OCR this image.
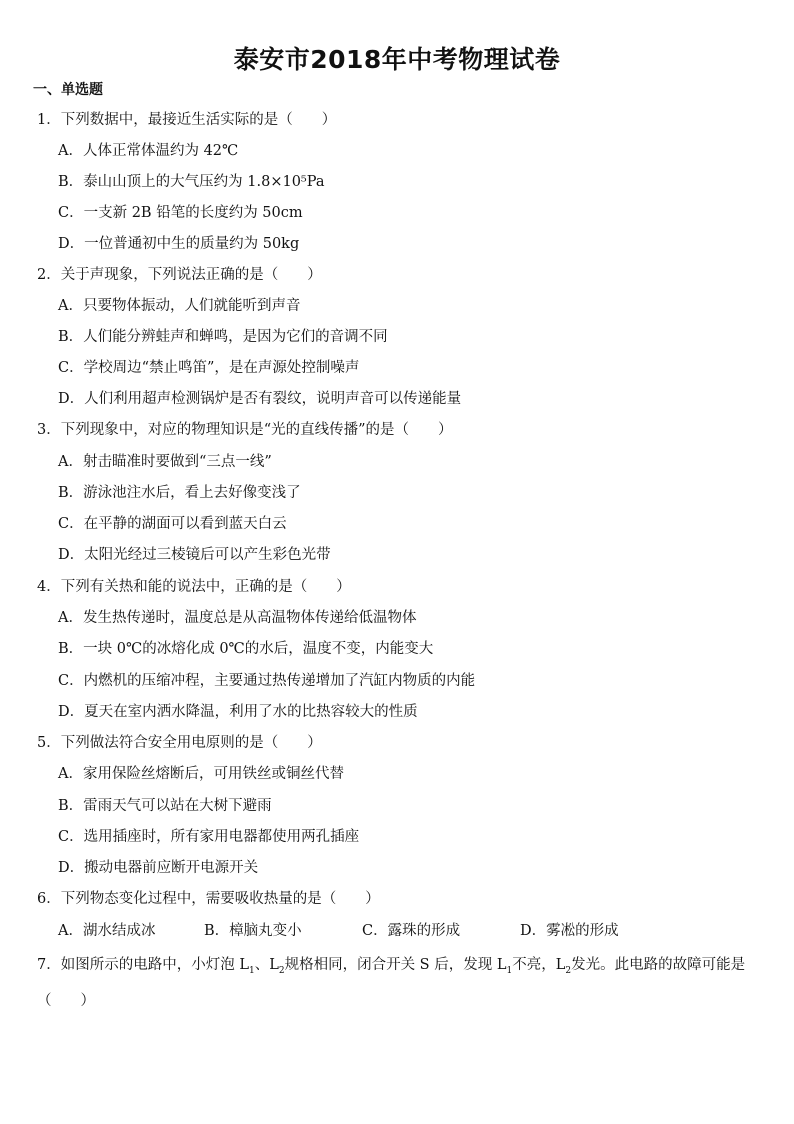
泰安市2018年中考物理试卷
一、单选题
1．下列数据中，最接近生活实际的是（　　）
A．人体正常体温约为 42℃
B．泰山山顶上的大气压约为 1.8×10⁵Pa
C．一支新 2B 铅笔的长度约为 50cm
D．一位普通初中生的质量约为 50kg
2．关于声现象，下列说法正确的是（　　）
A．只要物体振动，人们就能听到声音
B．人们能分辨蛙声和蝉鸣，是因为它们的音调不同
C．学校周边“禁止鸣笛”，是在声源处控制噪声
D．人们利用超声检测锅炉是否有裂纹，说明声音可以传递能量
3．下列现象中，对应的物理知识是“光的直线传播”的是（　　）
A．射击瞄准时要做到“三点一线”
B．游泳池注水后，看上去好像变浅了
C．在平静的湖面可以看到蓝天白云
D．太阳光经过三棱镜后可以产生彩色光带
4．下列有关热和能的说法中，正确的是（　　）
A．发生热传递时，温度总是从高温物体传递给低温物体
B．一块 0℃的冰熔化成 0℃的水后，温度不变，内能变大
C．内燃机的压缩冲程，主要通过热传递增加了汽缸内物质的内能
D．夏天在室内洒水降温，利用了水的比热容较大的性质
5．下列做法符合安全用电原则的是（　　）
A．家用保险丝熔断后，可用铁丝或铜丝代替
B．雷雨天气可以站在大树下避雨
C．选用插座时，所有家用电器都使用两孔插座
D．搬动电器前应断开电源开关
6．下列物态变化过程中，需要吸收热量的是（　　）
A．湖水结成冰	B．樟脑丸变小	C．露珠的形成	D．雾凇的形成
7．如图所示的电路中，小灯泡 $L_1$、$L_2$规格相同，闭合开关 S 后，发现 $L_1$不亮，$L_2$发光。此电路的故障可能是（　　）
